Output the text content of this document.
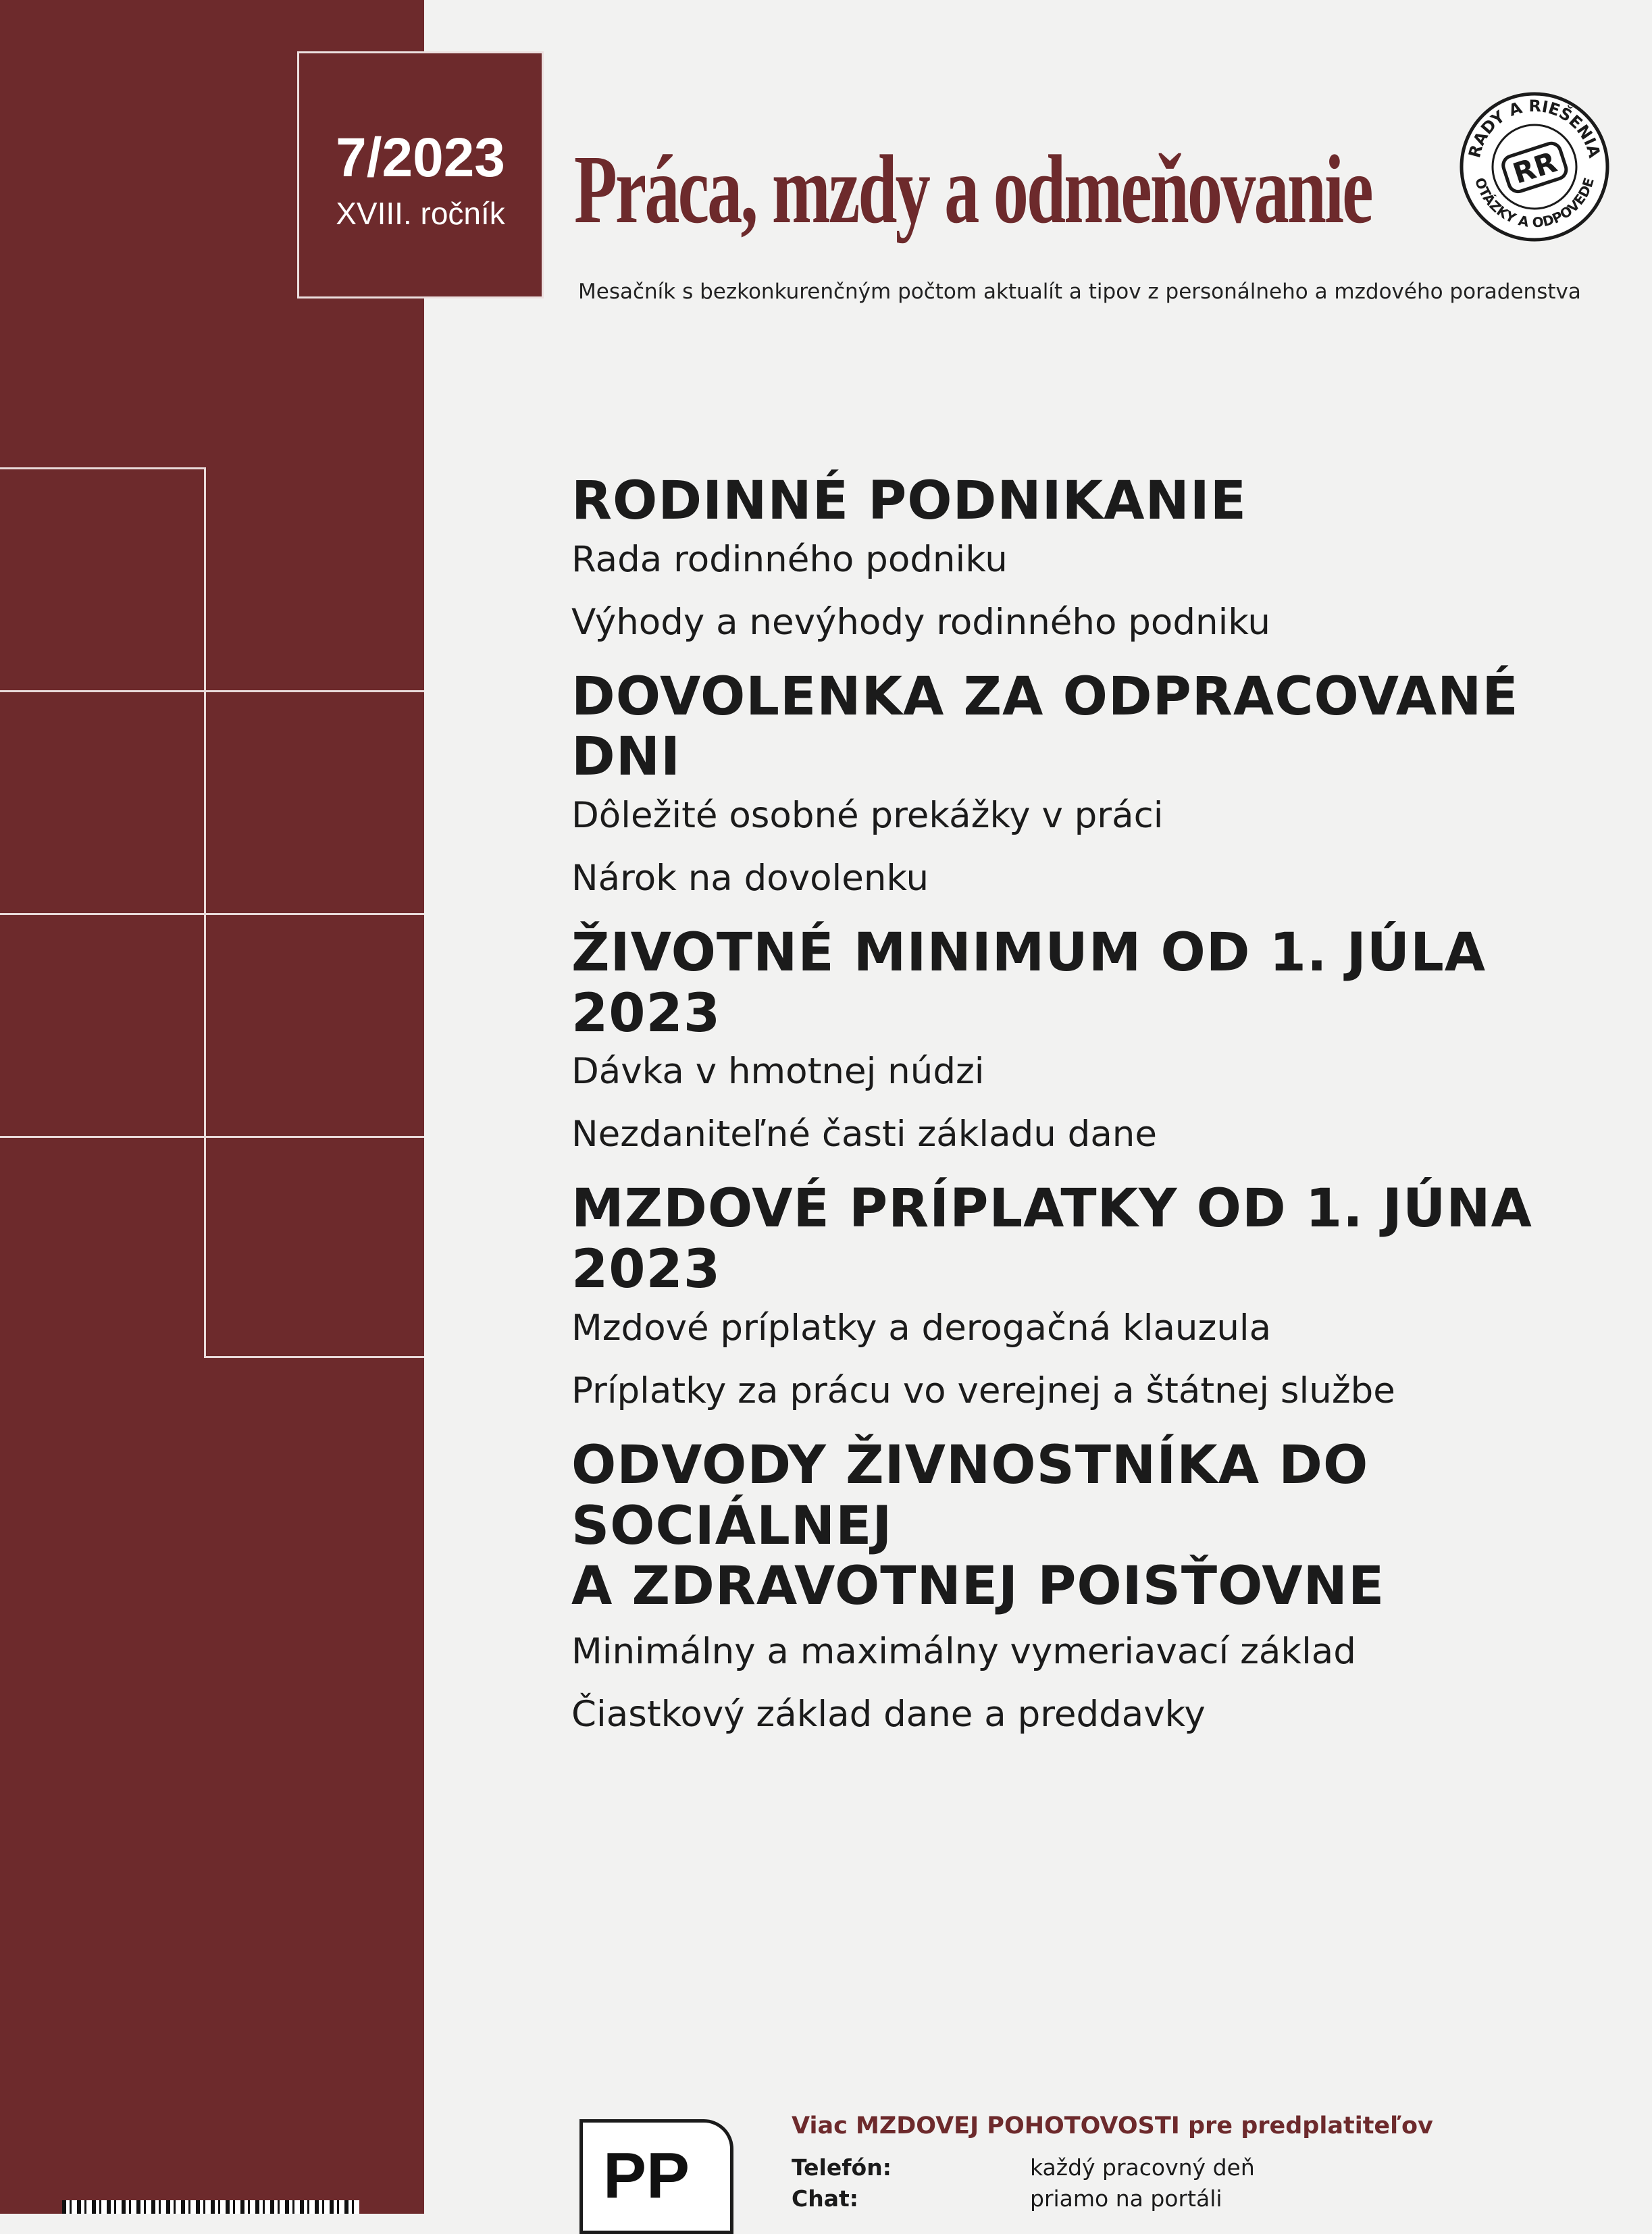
7/2023
XVIII. ročník Práca, mzdy a odmeňovanie
Mesačník s bezkonkurenčným počtom aktualít a tipov z personálneho a mzdového poradenstva
RADY A RIEŠENIA
OTÁZKY A ODPOVEDE
RR
RODINNÉ PODNIKANIE
Rada rodinného podniku
Výhody a nevýhody rodinného podniku
DOVOLENKA ZA ODPRACOVANÉ DNI
Dôležité osobné prekážky v práci
Nárok na dovolenku
ŽIVOTNÉ MINIMUM OD 1. JÚLA 2023
Dávka v hmotnej núdzi
Nezdaniteľné časti základu dane
MZDOVÉ PRÍPLATKY OD 1. JÚNA 2023
Mzdové príplatky a derogačná klauzula
Príplatky za prácu vo verejnej a štátnej službe
ODVODY ŽIVNOSTNÍKA DO SOCIÁLNEJ
A ZDRAVOTNEJ POISŤOVNE
Minimálny a maximálny vymeriavací základ
Čiastkový základ dane a preddavky
PP
Viac MZDOVEJ POHOTOVOSTI pre predplatiteľov
Telefón:	každý pracovný deň
Chat:	priamo na portáli
